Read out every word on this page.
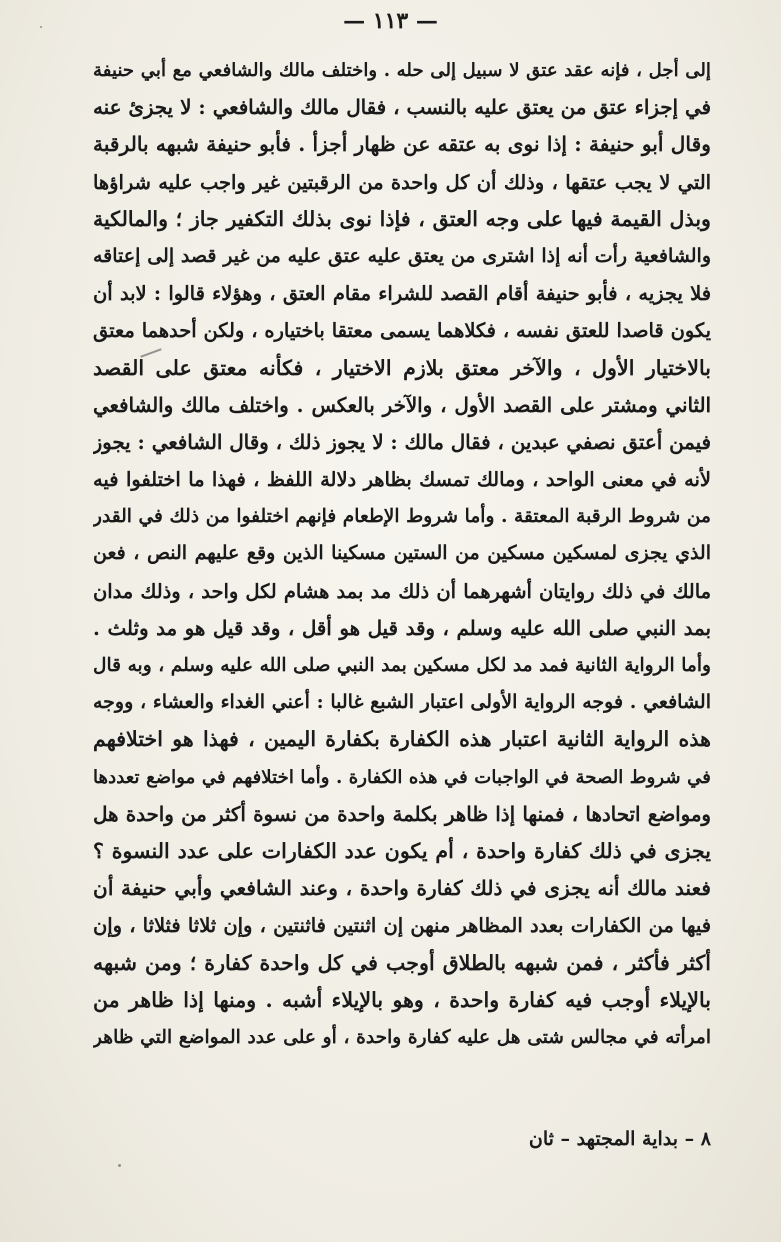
— ١١٣ —
إلى أجل ، فإنه عقد عتق لا سبيل إلى حله . واختلف مالك والشافعي مع أبي حنيفة
في إجزاء عتق من يعتق عليه بالنسب ، فقال مالك والشافعي : لا يجزئ عنه
وقال أبو حنيفة : إذا نوى به عتقه عن ظهار أجزأ . فأبو حنيفة شبهه بالرقبة
التي لا يجب عتقها ، وذلك أن كل واحدة من الرقبتين غير واجب عليه شراؤها
وبذل القيمة فيها على وجه العتق ، فإذا نوى بذلك التكفير جاز ؛ والمالكية
والشافعية رأت أنه إذا اشترى من يعتق عليه عتق عليه من غير قصد إلى إعتاقه
فلا يجزيه ، فأبو حنيفة أقام القصد للشراء مقام العتق ، وهؤلاء قالوا : لابد أن
يكون قاصدا للعتق نفسه ، فكلاهما يسمى معتقا باختياره ، ولكن أحدهما معتق
بالاختيار الأول ، والآخر معتق بلازم الاختيار ، فكأنه معتق على القصد
الثاني ومشتر على القصد الأول ، والآخر بالعكس . واختلف مالك والشافعي
فيمن أعتق نصفي عبدين ، فقال مالك : لا يجوز ذلك ، وقال الشافعي : يجوز
لأنه في معنى الواحد ، ومالك تمسك بظاهر دلالة اللفظ ، فهذا ما اختلفوا فيه
من شروط الرقبة المعتقة . وأما شروط الإطعام فإنهم اختلفوا من ذلك في القدر
الذي يجزى لمسكين مسكين من الستين مسكينا الذين وقع عليهم النص ، فعن
مالك في ذلك روايتان أشهرهما أن ذلك مد بمد هشام لكل واحد ، وذلك مدان
بمد النبي صلى الله عليه وسلم ، وقد قيل هو أقل ، وقد قيل هو مد وثلث .
وأما الرواية الثانية فمد مد لكل مسكين بمد النبي صلى الله عليه وسلم ، وبه قال
الشافعي . فوجه الرواية الأولى اعتبار الشبع غالبا : أعني الغداء والعشاء ، ووجه
هذه الرواية الثانية اعتبار هذه الكفارة بكفارة اليمين ، فهذا هو اختلافهم
في شروط الصحة في الواجبات في هذه الكفارة . وأما اختلافهم في مواضع تعددها
ومواضع اتحادها ، فمنها إذا ظاهر بكلمة واحدة من نسوة أكثر من واحدة هل
يجزى في ذلك كفارة واحدة ، أم يكون عدد الكفارات على عدد النسوة ؟
فعند مالك أنه يجزى في ذلك كفارة واحدة ، وعند الشافعي وأبي حنيفة أن
فيها من الكفارات بعدد المظاهر منهن إن اثنتين فاثنتين ، وإن ثلاثا فثلاثا ، وإن
أكثر فأكثر ، فمن شبهه بالطلاق أوجب في كل واحدة كفارة ؛ ومن شبهه
بالإيلاء أوجب فيه كفارة واحدة ، وهو بالإيلاء أشبه . ومنها إذا ظاهر من
امرأته في مجالس شتى هل عليه كفارة واحدة ، أو على عدد المواضع التي ظاهر
٨ – بداية المجتهد – ثان
